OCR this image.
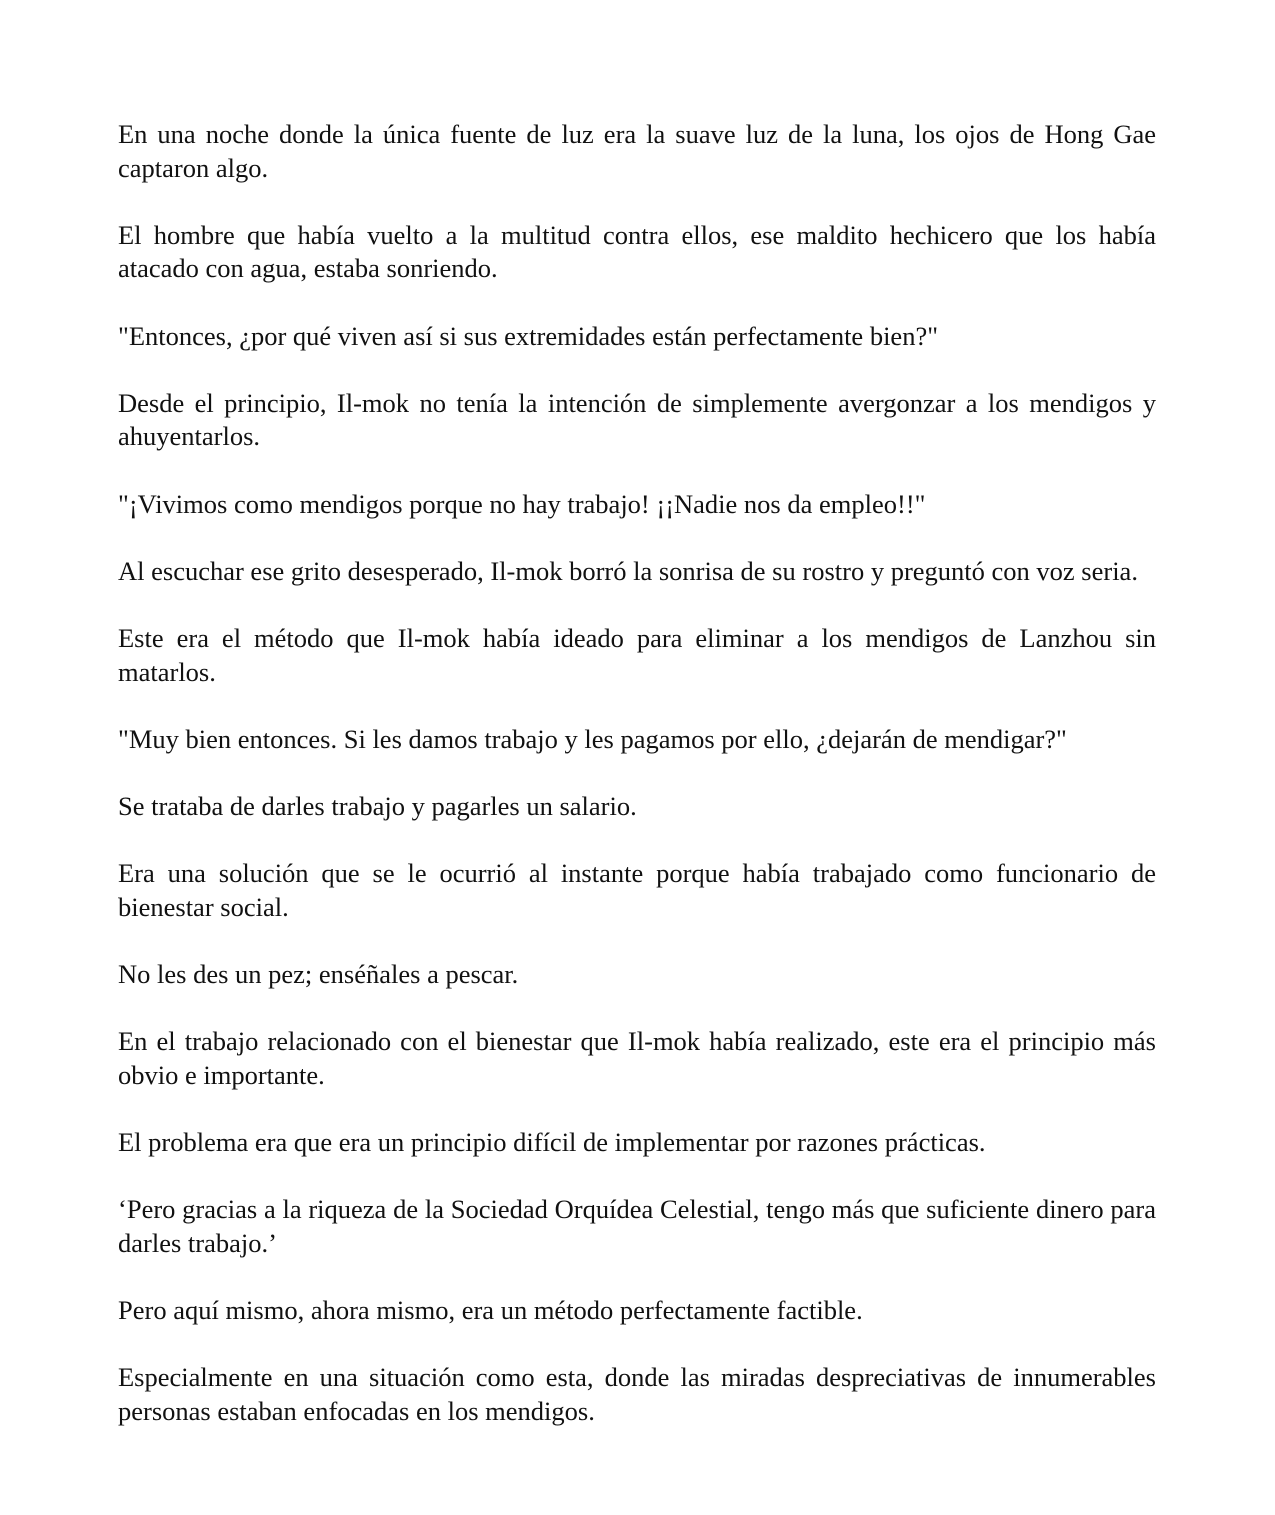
En una noche donde la única fuente de luz era la suave luz de la luna, los ojos de Hong Gae captaron algo.

El hombre que había vuelto a la multitud contra ellos, ese maldito hechicero que los había atacado con agua, estaba sonriendo.

"Entonces, ¿por qué viven así si sus extremidades están perfectamente bien?"

Desde el principio, Il-mok no tenía la intención de simplemente avergonzar a los mendigos y ahuyentarlos.

"¡Vivimos como mendigos porque no hay trabajo! ¡¡Nadie nos da empleo!!"

Al escuchar ese grito desesperado, Il-mok borró la sonrisa de su rostro y preguntó con voz seria.

Este era el método que Il-mok había ideado para eliminar a los mendigos de Lanzhou sin matarlos.

"Muy bien entonces. Si les damos trabajo y les pagamos por ello, ¿dejarán de mendigar?"

Se trataba de darles trabajo y pagarles un salario.

Era una solución que se le ocurrió al instante porque había trabajado como funcionario de bienestar social.

No les des un pez; enséñales a pescar.

En el trabajo relacionado con el bienestar que Il-mok había realizado, este era el principio más obvio e importante.

El problema era que era un principio difícil de implementar por razones prácticas.

‘Pero gracias a la riqueza de la Sociedad Orquídea Celestial, tengo más que suficiente dinero para darles trabajo.’

Pero aquí mismo, ahora mismo, era un método perfectamente factible.

Especialmente en una situación como esta, donde las miradas despreciativas de innumerables personas estaban enfocadas en los mendigos.
